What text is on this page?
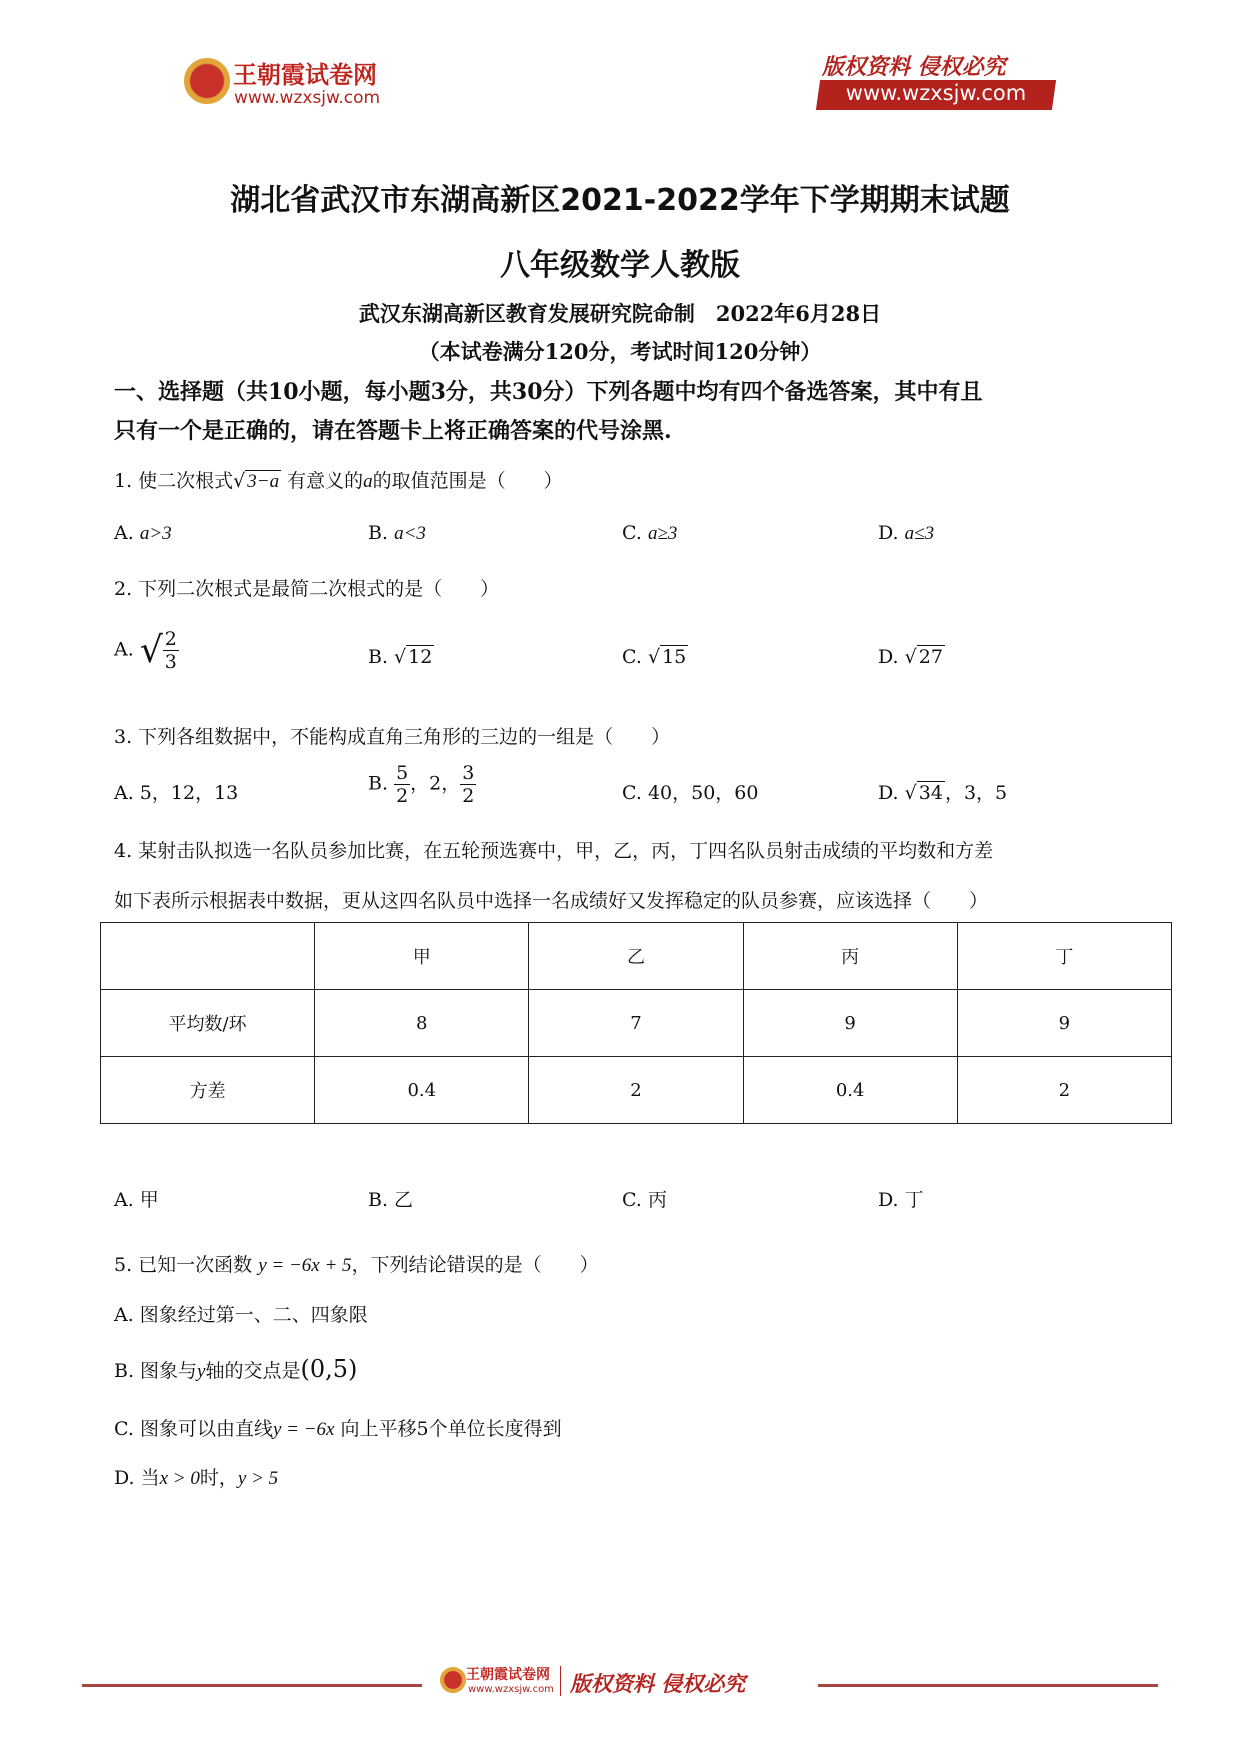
王朝霞试卷网
www.wzxsjw.com
版权资料 侵权必究
www.wzxsjw.com
湖北省武汉市东湖高新区2021-2022学年下学期期末试题
八年级数学人教版
武汉东湖高新区教育发展研究院命制　2022年6月28日
（本试卷满分120分，考试时间120分钟）
一、选择题（共10小题，每小题3分，共30分）下列各题中均有四个备选答案，其中有且
只有一个是正确的，请在答题卡上将正确答案的代号涂黑.
1. 使二次根式√ 3−a 有意义的a的取值范围是（　　）
A. a>3	B. a<3	C. a≥3	D. a≤3
2. 下列二次根式是最简二次根式的是（　　）
A. √ $\frac{2}{3}$	B. √ 12	C. √ 15	D. √ 27
3. 下列各组数据中，不能构成直角三角形的三边的一组是（　　）
A. 5，12，13	B. $\frac{5}{2}$ ，2， $\frac{3}{2}$	C. 40，50，60	D. √ 34 ，3，5
4. 某射击队拟选一名队员参加比赛，在五轮预选赛中，甲，乙，丙，丁四名队员射击成绩的平均数和方差
如下表所示根据表中数据，更从这四名队员中选择一名成绩好又发挥稳定的队员参赛，应该选择（　　）
	甲	乙	丙	丁
平均数/环	8	7	9	9
方差	0.4	2	0.4	2
A. 甲	B. 乙	C. 丙	D. 丁
5. 已知一次函数 y = −6x + 5，下列结论错误的是（　　）
A. 图象经过第一、二、四象限
B. 图象与y轴的交点是(0,5)
C. 图象可以由直线y = −6x 向上平移5个单位长度得到
D. 当x > 0时，y > 5
王朝霞试卷网
www.wzxsjw.com 版权资料 侵权必究
